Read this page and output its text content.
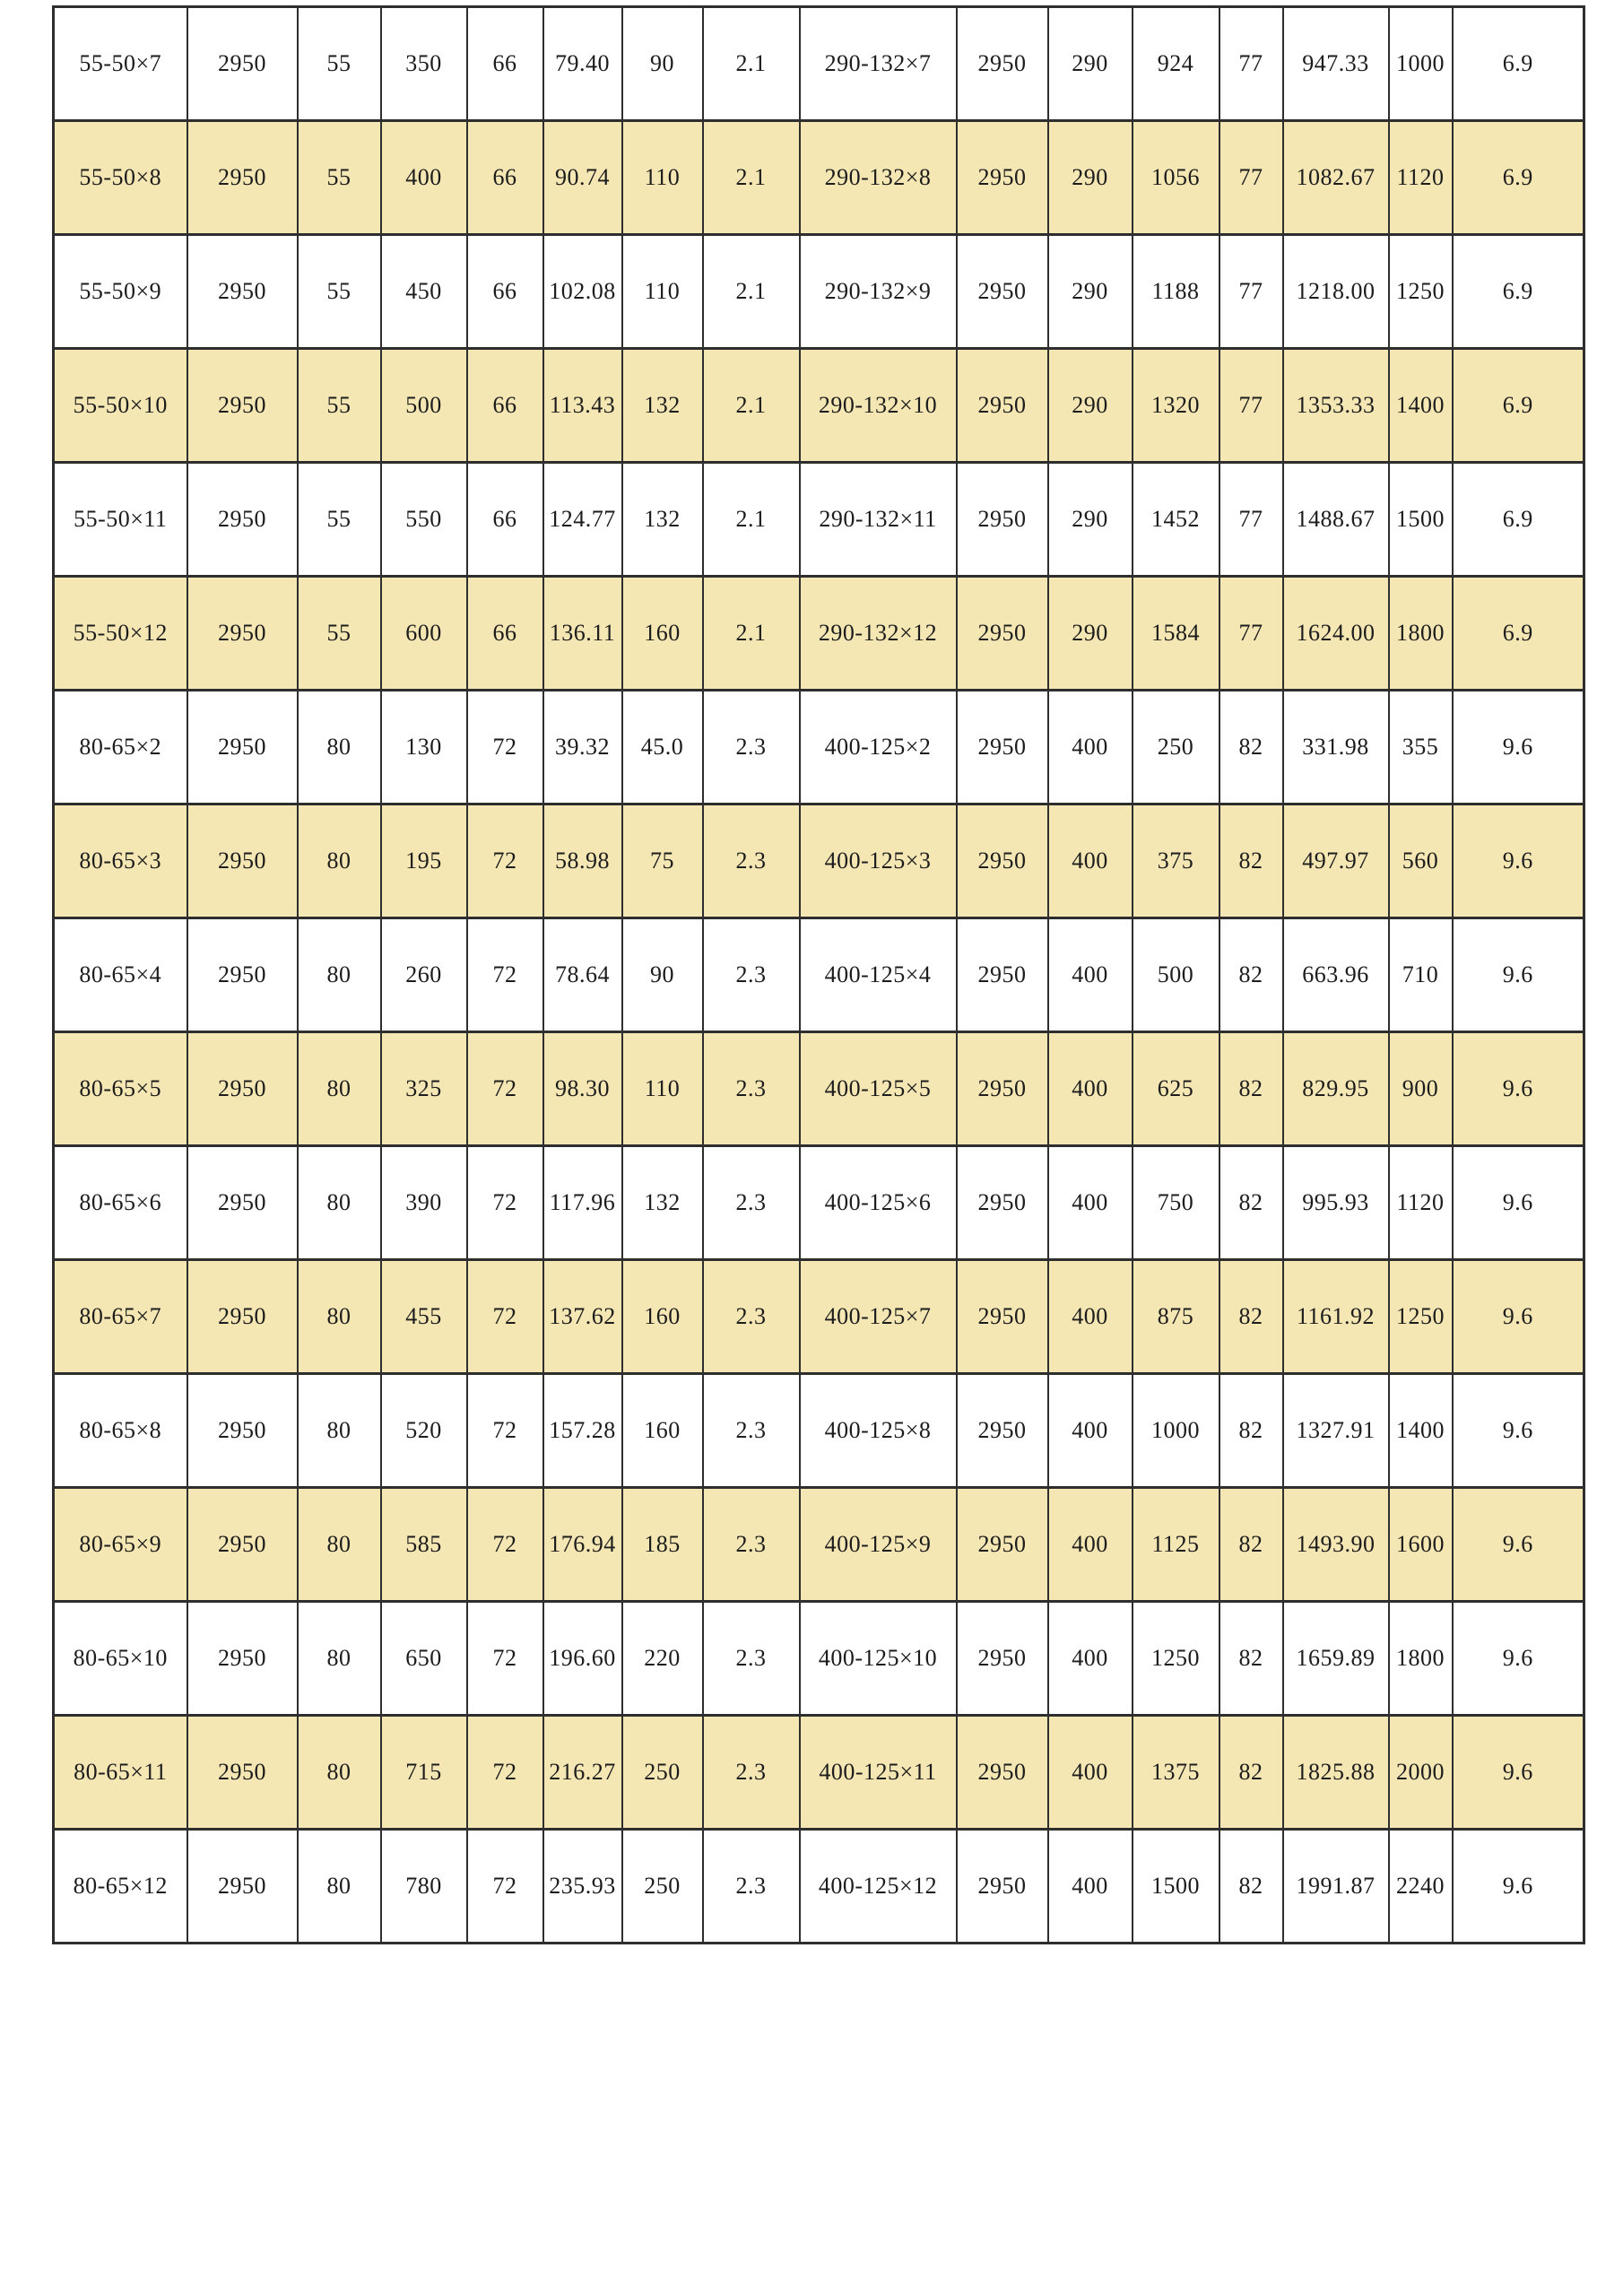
55-50×7	2950	55	350	66	79.40	90	2.1	290-132×7	2950	290	924	77	947.33	1000	6.9
55-50×8	2950	55	400	66	90.74	110	2.1	290-132×8	2950	290	1056	77	1082.67	1120	6.9
55-50×9	2950	55	450	66	102.08	110	2.1	290-132×9	2950	290	1188	77	1218.00	1250	6.9
55-50×10	2950	55	500	66	113.43	132	2.1	290-132×10	2950	290	1320	77	1353.33	1400	6.9
55-50×11	2950	55	550	66	124.77	132	2.1	290-132×11	2950	290	1452	77	1488.67	1500	6.9
55-50×12	2950	55	600	66	136.11	160	2.1	290-132×12	2950	290	1584	77	1624.00	1800	6.9
80-65×2	2950	80	130	72	39.32	45.0	2.3	400-125×2	2950	400	250	82	331.98	355	9.6
80-65×3	2950	80	195	72	58.98	75	2.3	400-125×3	2950	400	375	82	497.97	560	9.6
80-65×4	2950	80	260	72	78.64	90	2.3	400-125×4	2950	400	500	82	663.96	710	9.6
80-65×5	2950	80	325	72	98.30	110	2.3	400-125×5	2950	400	625	82	829.95	900	9.6
80-65×6	2950	80	390	72	117.96	132	2.3	400-125×6	2950	400	750	82	995.93	1120	9.6
80-65×7	2950	80	455	72	137.62	160	2.3	400-125×7	2950	400	875	82	1161.92	1250	9.6
80-65×8	2950	80	520	72	157.28	160	2.3	400-125×8	2950	400	1000	82	1327.91	1400	9.6
80-65×9	2950	80	585	72	176.94	185	2.3	400-125×9	2950	400	1125	82	1493.90	1600	9.6
80-65×10	2950	80	650	72	196.60	220	2.3	400-125×10	2950	400	1250	82	1659.89	1800	9.6
80-65×11	2950	80	715	72	216.27	250	2.3	400-125×11	2950	400	1375	82	1825.88	2000	9.6
80-65×12	2950	80	780	72	235.93	250	2.3	400-125×12	2950	400	1500	82	1991.87	2240	9.6
